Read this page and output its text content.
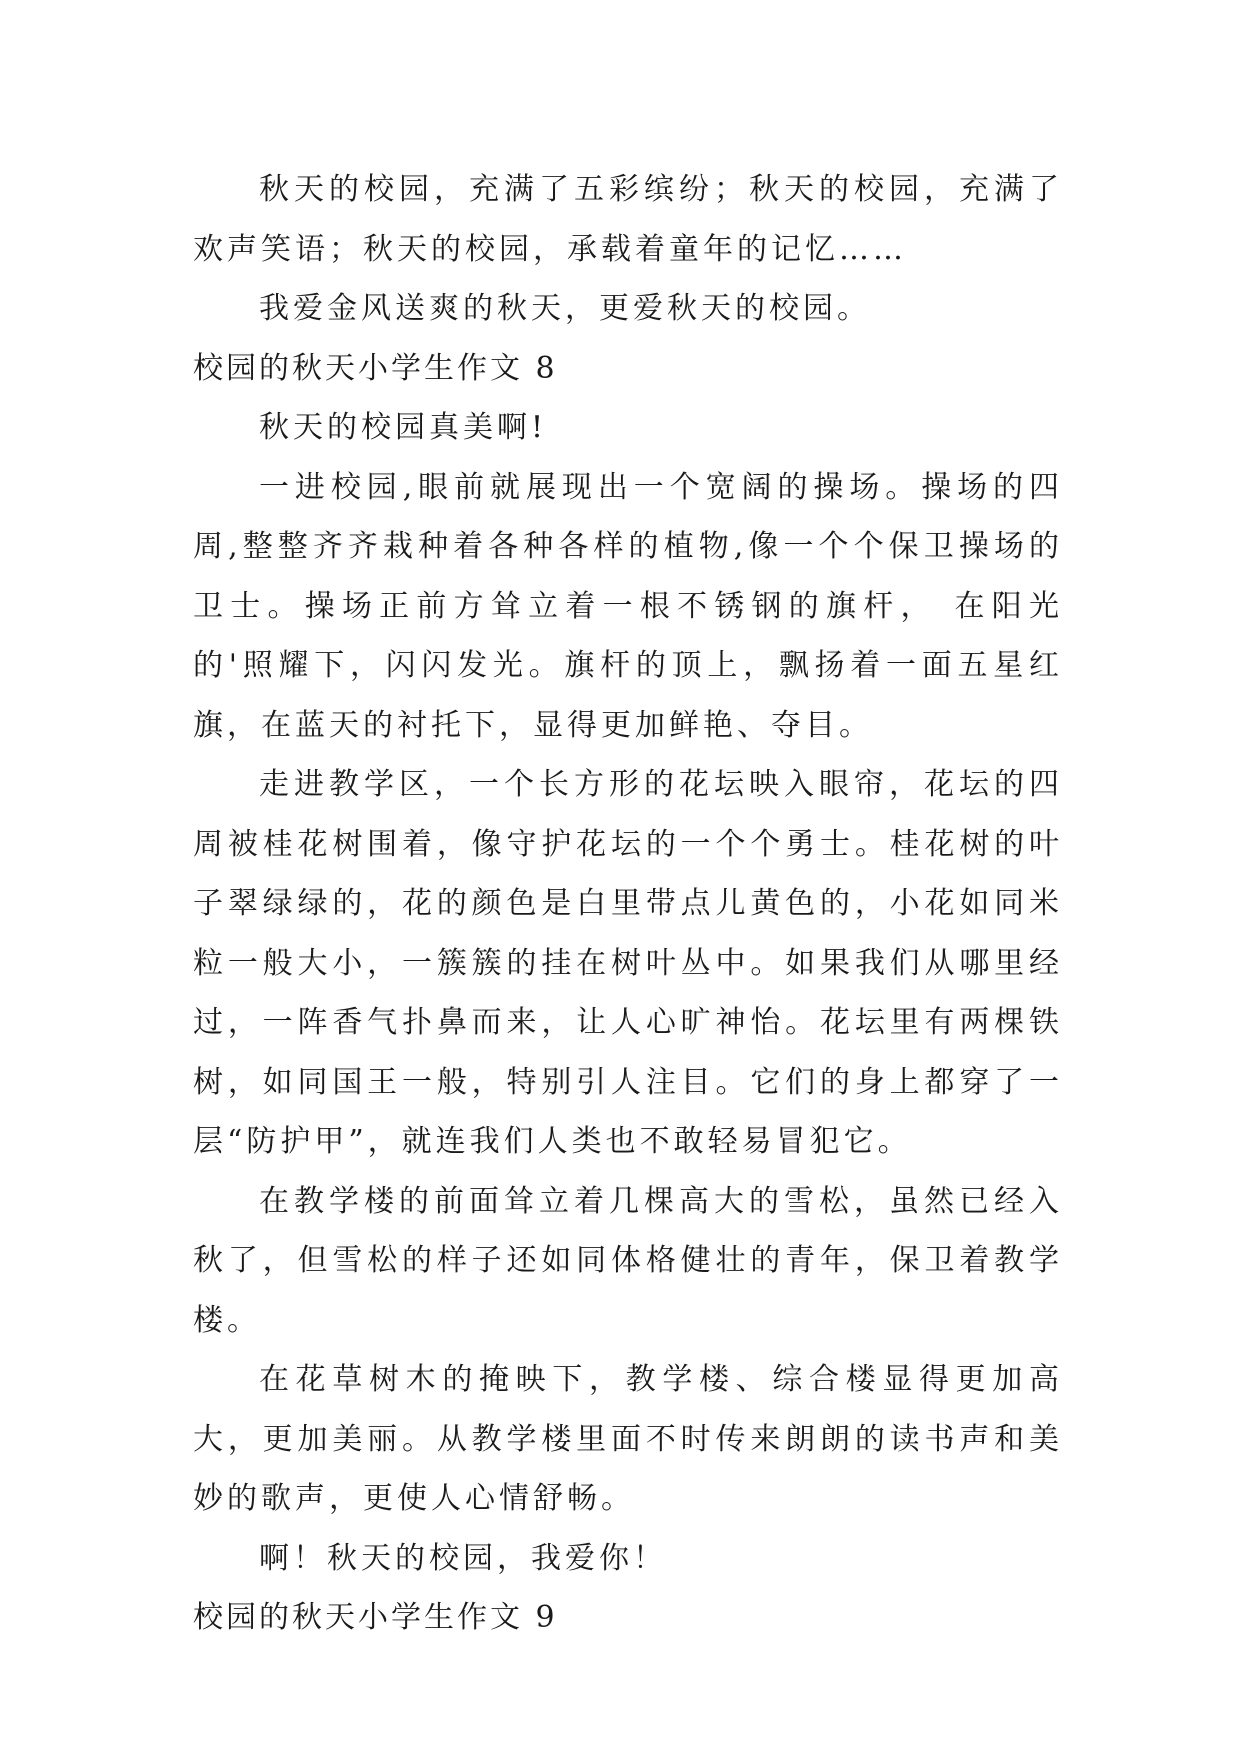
秋天的校园，充满了五彩缤纷；秋天的校园，充满了欢声笑语；秋天的校园，承载着童年的记忆……

我爱金风送爽的秋天，更爱秋天的校园。

校园的秋天小学生作文 8

秋天的校园真美啊!

一进校园,眼前就展现出一个宽阔的操场。操场的四周,整整齐齐栽种着各种各样的植物,像一个个保卫操场的卫士。操场正前方耸立着一根不锈钢的旗杆， 在阳光的'照耀下，闪闪发光。旗杆的顶上，飘扬着一面五星红旗，在蓝天的衬托下，显得更加鲜艳、夺目。

走进教学区，一个长方形的花坛映入眼帘，花坛的四周被桂花树围着，像守护花坛的一个个勇士。桂花树的叶子翠绿绿的，花的颜色是白里带点儿黄色的，小花如同米粒一般大小，一簇簇的挂在树叶丛中。如果我们从哪里经过，一阵香气扑鼻而来，让人心旷神怡。花坛里有两棵铁树，如同国王一般，特别引人注目。它们的身上都穿了一层“防护甲”，就连我们人类也不敢轻易冒犯它。

在教学楼的前面耸立着几棵高大的雪松，虽然已经入秋了，但雪松的样子还如同体格健壮的青年，保卫着教学楼。

在花草树木的掩映下，教学楼、综合楼显得更加高大，更加美丽。从教学楼里面不时传来朗朗的读书声和美妙的歌声，更使人心情舒畅。

啊！秋天的校园，我爱你！

校园的秋天小学生作文 9
